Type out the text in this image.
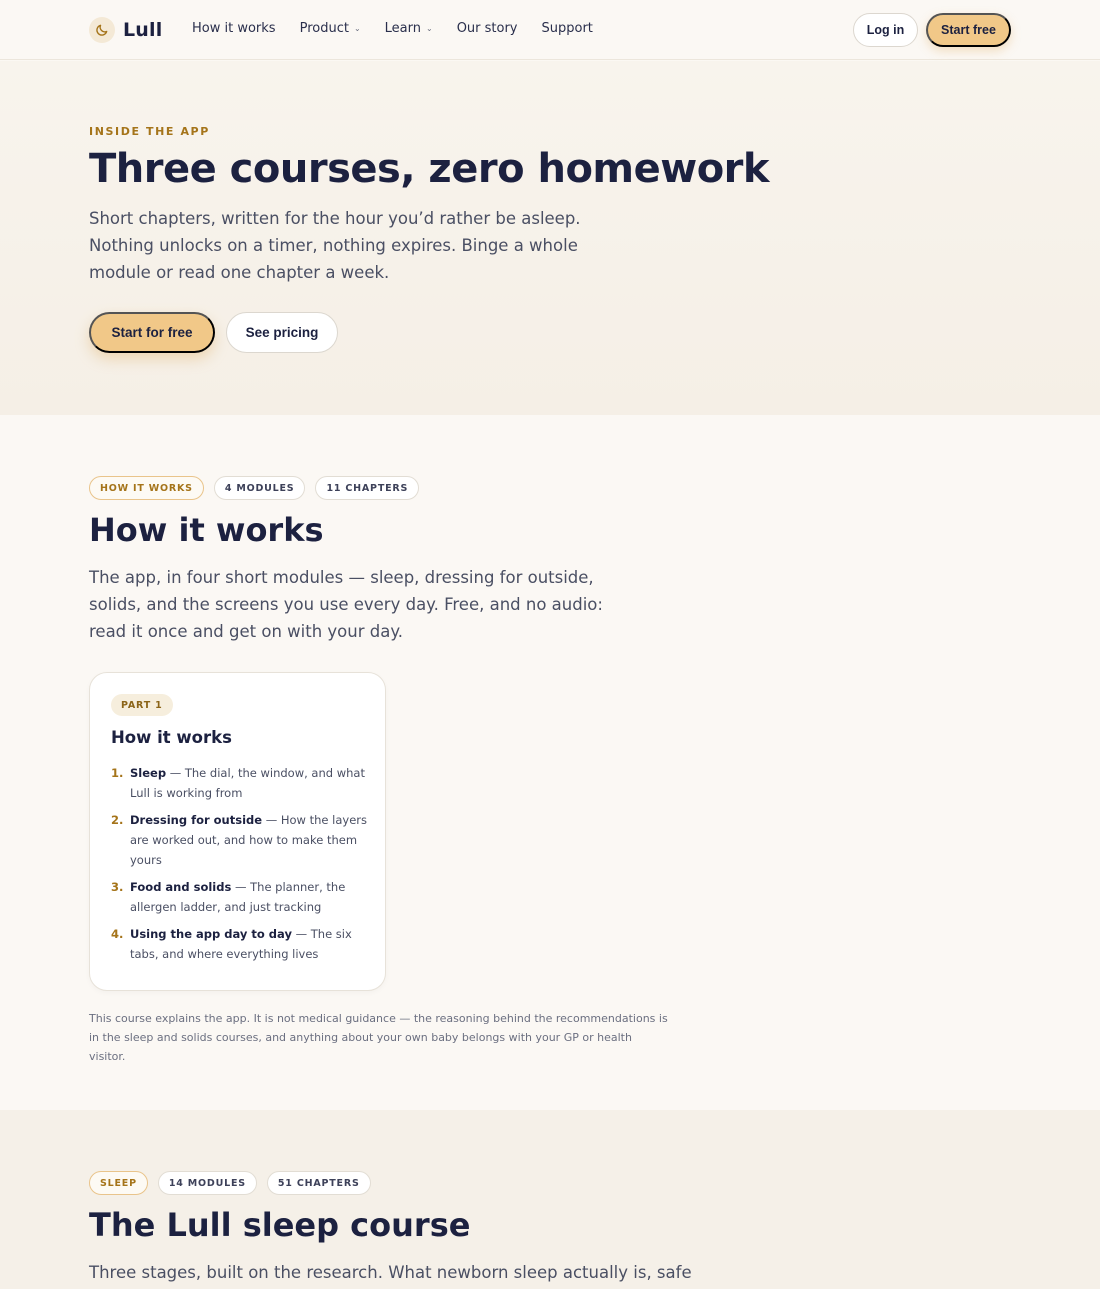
Lull How it works Product ⌄ Learn ⌄ Our story Support	Log in	Start free
INSIDE THE APP
Three courses, zero homework

Short chapters, written for the hour you’d rather be asleep. Nothing unlocks on a timer, nothing expires. Binge a whole module or read one chapter a week.

Start for free	See pricing
HOW IT WORKS	4 MODULES	11 CHAPTERS
How it works

The app, in four short modules — sleep, dressing for outside, solids, and the screens you use every day. Free, and no audio: read it once and get on with your day.

PART 1
How it works
1. Sleep — The dial, the window, and what Lull is working from
2. Dressing for outside — How the layers are worked out, and how to make them yours
3. Food and solids — The planner, the allergen ladder, and just tracking
4. Using the app day to day — The six tabs, and where everything lives

This course explains the app. It is not medical guidance — the reasoning behind the recommendations is in the sleep and solids courses, and anything about your own baby belongs with your GP or health visitor.

SLEEP	14 MODULES	51 CHAPTERS
The Lull sleep course

Three stages, built on the research. What newborn sleep actually is, safe
